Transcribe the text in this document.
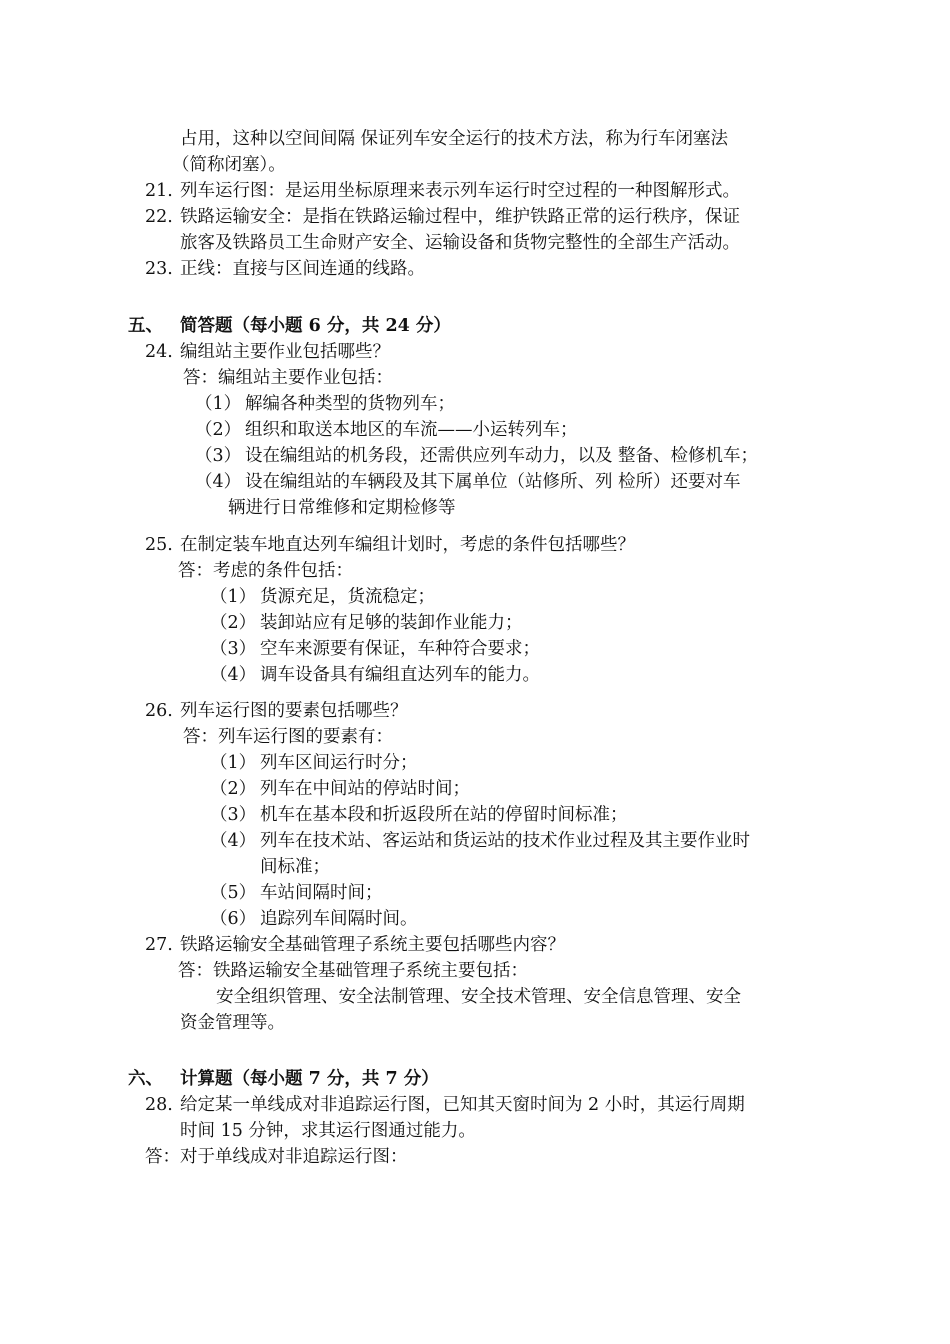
占用，这种以空间间隔 保证列车安全运行的技术方法，称为行车闭塞法
（简称闭塞）。
21. 列车运行图：是运用坐标原理来表示列车运行时空过程的一种图解形式。
22. 铁路运输安全：是指在铁路运输过程中，维护铁路正常的运行秩序，保证
旅客及铁路员工生命财产安全、运输设备和货物完整性的全部生产活动。
23. 正线：直接与区间连通的线路。
五、 简答题（每小题 6 分，共 24 分）
24. 编组站主要作业包括哪些？
答：编组站主要作业包括：
（1） 解编各种类型的货物列车；
（2） 组织和取送本地区的车流——小运转列车；
（3） 设在编组站的机务段，还需供应列车动力，以及 整备、检修机车；
（4） 设在编组站的车辆段及其下属单位（站修所、列 检所）还要对车
辆进行日常维修和定期检修等
25. 在制定装车地直达列车编组计划时，考虑的条件包括哪些？
答：考虑的条件包括：
（1） 货源充足，货流稳定；
（2） 装卸站应有足够的装卸作业能力；
（3） 空车来源要有保证，车种符合要求；
（4） 调车设备具有编组直达列车的能力。
26. 列车运行图的要素包括哪些？
答：列车运行图的要素有：
（1） 列车区间运行时分；
（2） 列车在中间站的停站时间；
（3） 机车在基本段和折返段所在站的停留时间标准；
（4） 列车在技术站、客运站和货运站的技术作业过程及其主要作业时
间标准；
（5） 车站间隔时间；
（6） 追踪列车间隔时间。
27. 铁路运输安全基础管理子系统主要包括哪些内容？
答：铁路运输安全基础管理子系统主要包括：
安全组织管理、安全法制管理、安全技术管理、安全信息管理、安全
资金管理等。
六、 计算题（每小题 7 分，共 7 分）
28. 给定某一单线成对非追踪运行图，已知其天窗时间为 2 小时，其运行周期
时间 15 分钟，求其运行图通过能力。
答：对于单线成对非追踪运行图：
